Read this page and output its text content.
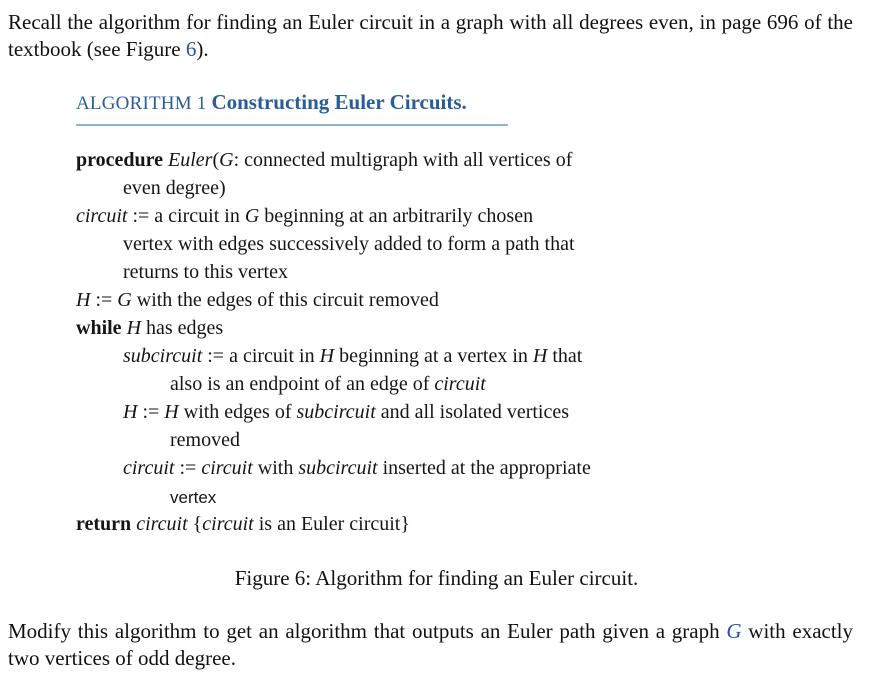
Recall the algorithm for finding an Euler circuit in a graph with all degrees even, in page 696 of the textbook (see Figure 6).
ALGORITHM 1 Constructing Euler Circuits.
procedure Euler(G: connected multigraph with all vertices of
even degree)
circuit := a circuit in G beginning at an arbitrarily chosen
vertex with edges successively added to form a path that
returns to this vertex
H := G with the edges of this circuit removed
while H has edges
subcircuit := a circuit in H beginning at a vertex in H that
also is an endpoint of an edge of circuit
H := H with edges of subcircuit and all isolated vertices
removed
circuit := circuit with subcircuit inserted at the appropriate
vertex
return circuit {circuit is an Euler circuit}
Figure 6: Algorithm for finding an Euler circuit.
Modify this algorithm to get an algorithm that outputs an Euler path given a graph G with exactly two vertices of odd degree.
